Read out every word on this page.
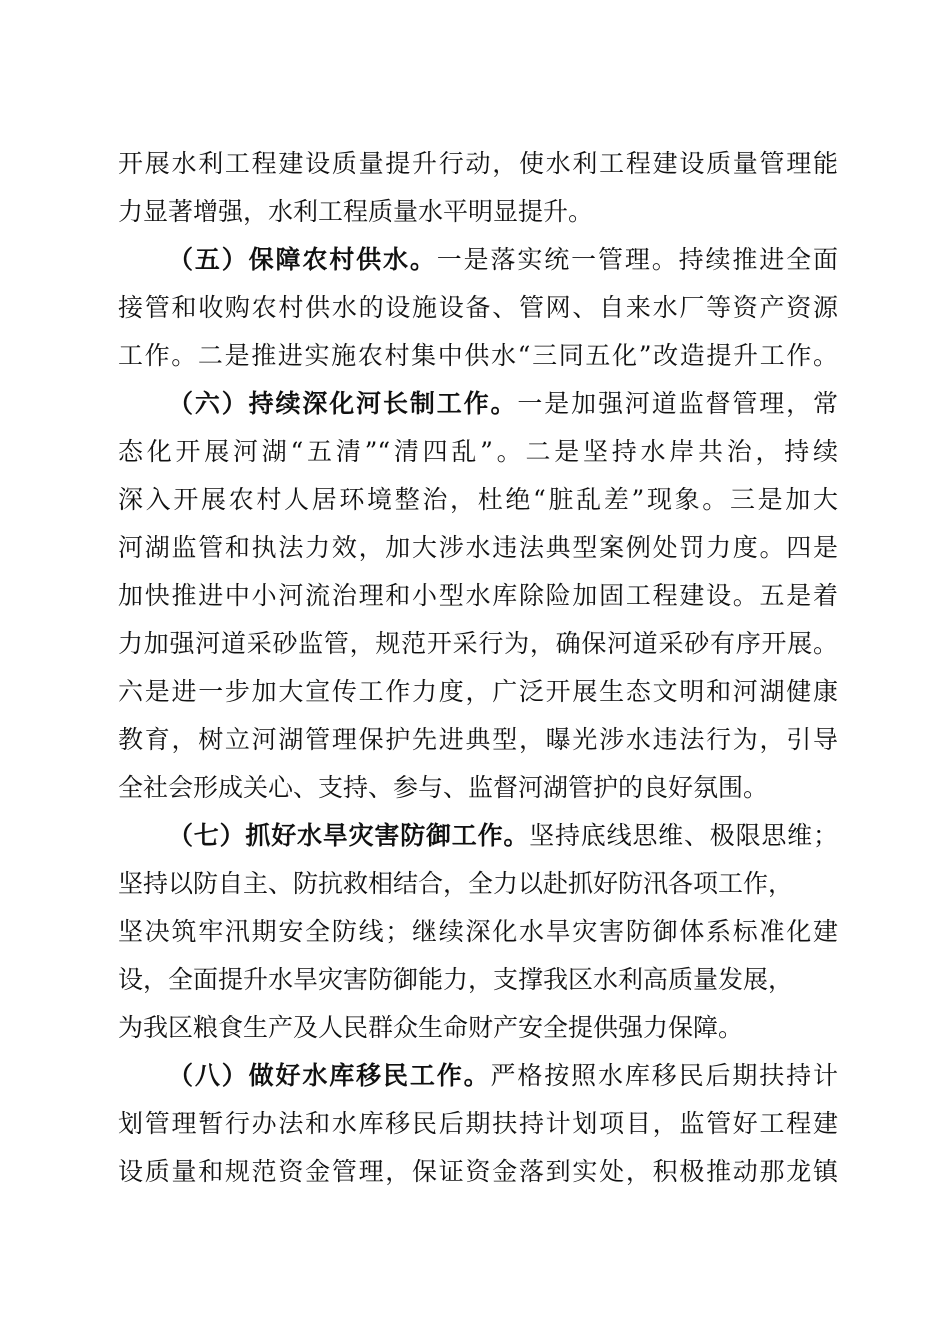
开展水利工程建设质量提升行动，使水利工程建设质量管理能
力显著增强，水利工程质量水平明显提升。
（五）保障农村供水。一是落实统一管理。持续推进全面
接管和收购农村供水的设施设备、管网、自来水厂等资产资源
工作。二是推进实施农村集中供水“三同五化”改造提升工作。
（六）持续深化河长制工作。一是加强河道监督管理，常
态化开展河湖“五清”“清四乱”。二是坚持水岸共治，持续
深入开展农村人居环境整治，杜绝“脏乱差”现象。三是加大
河湖监管和执法力效，加大涉水违法典型案例处罚力度。四是
加快推进中小河流治理和小型水库除险加固工程建设。五是着
力加强河道采砂监管，规范开采行为，确保河道采砂有序开展。
六是进一步加大宣传工作力度，广泛开展生态文明和河湖健康
教育，树立河湖管理保护先进典型，曝光涉水违法行为，引导
全社会形成关心、支持、参与、监督河湖管护的良好氛围。
（七）抓好水旱灾害防御工作。坚持底线思维、极限思维；
坚持以防自主、防抗救相结合，全力以赴抓好防汛各项工作，
坚决筑牢汛期安全防线；继续深化水旱灾害防御体系标准化建
设，全面提升水旱灾害防御能力，支撑我区水利高质量发展，
为我区粮食生产及人民群众生命财产安全提供强力保障。
（八）做好水库移民工作。严格按照水库移民后期扶持计
划管理暂行办法和水库移民后期扶持计划项目，监管好工程建
设质量和规范资金管理，保证资金落到实处，积极推动那龙镇
